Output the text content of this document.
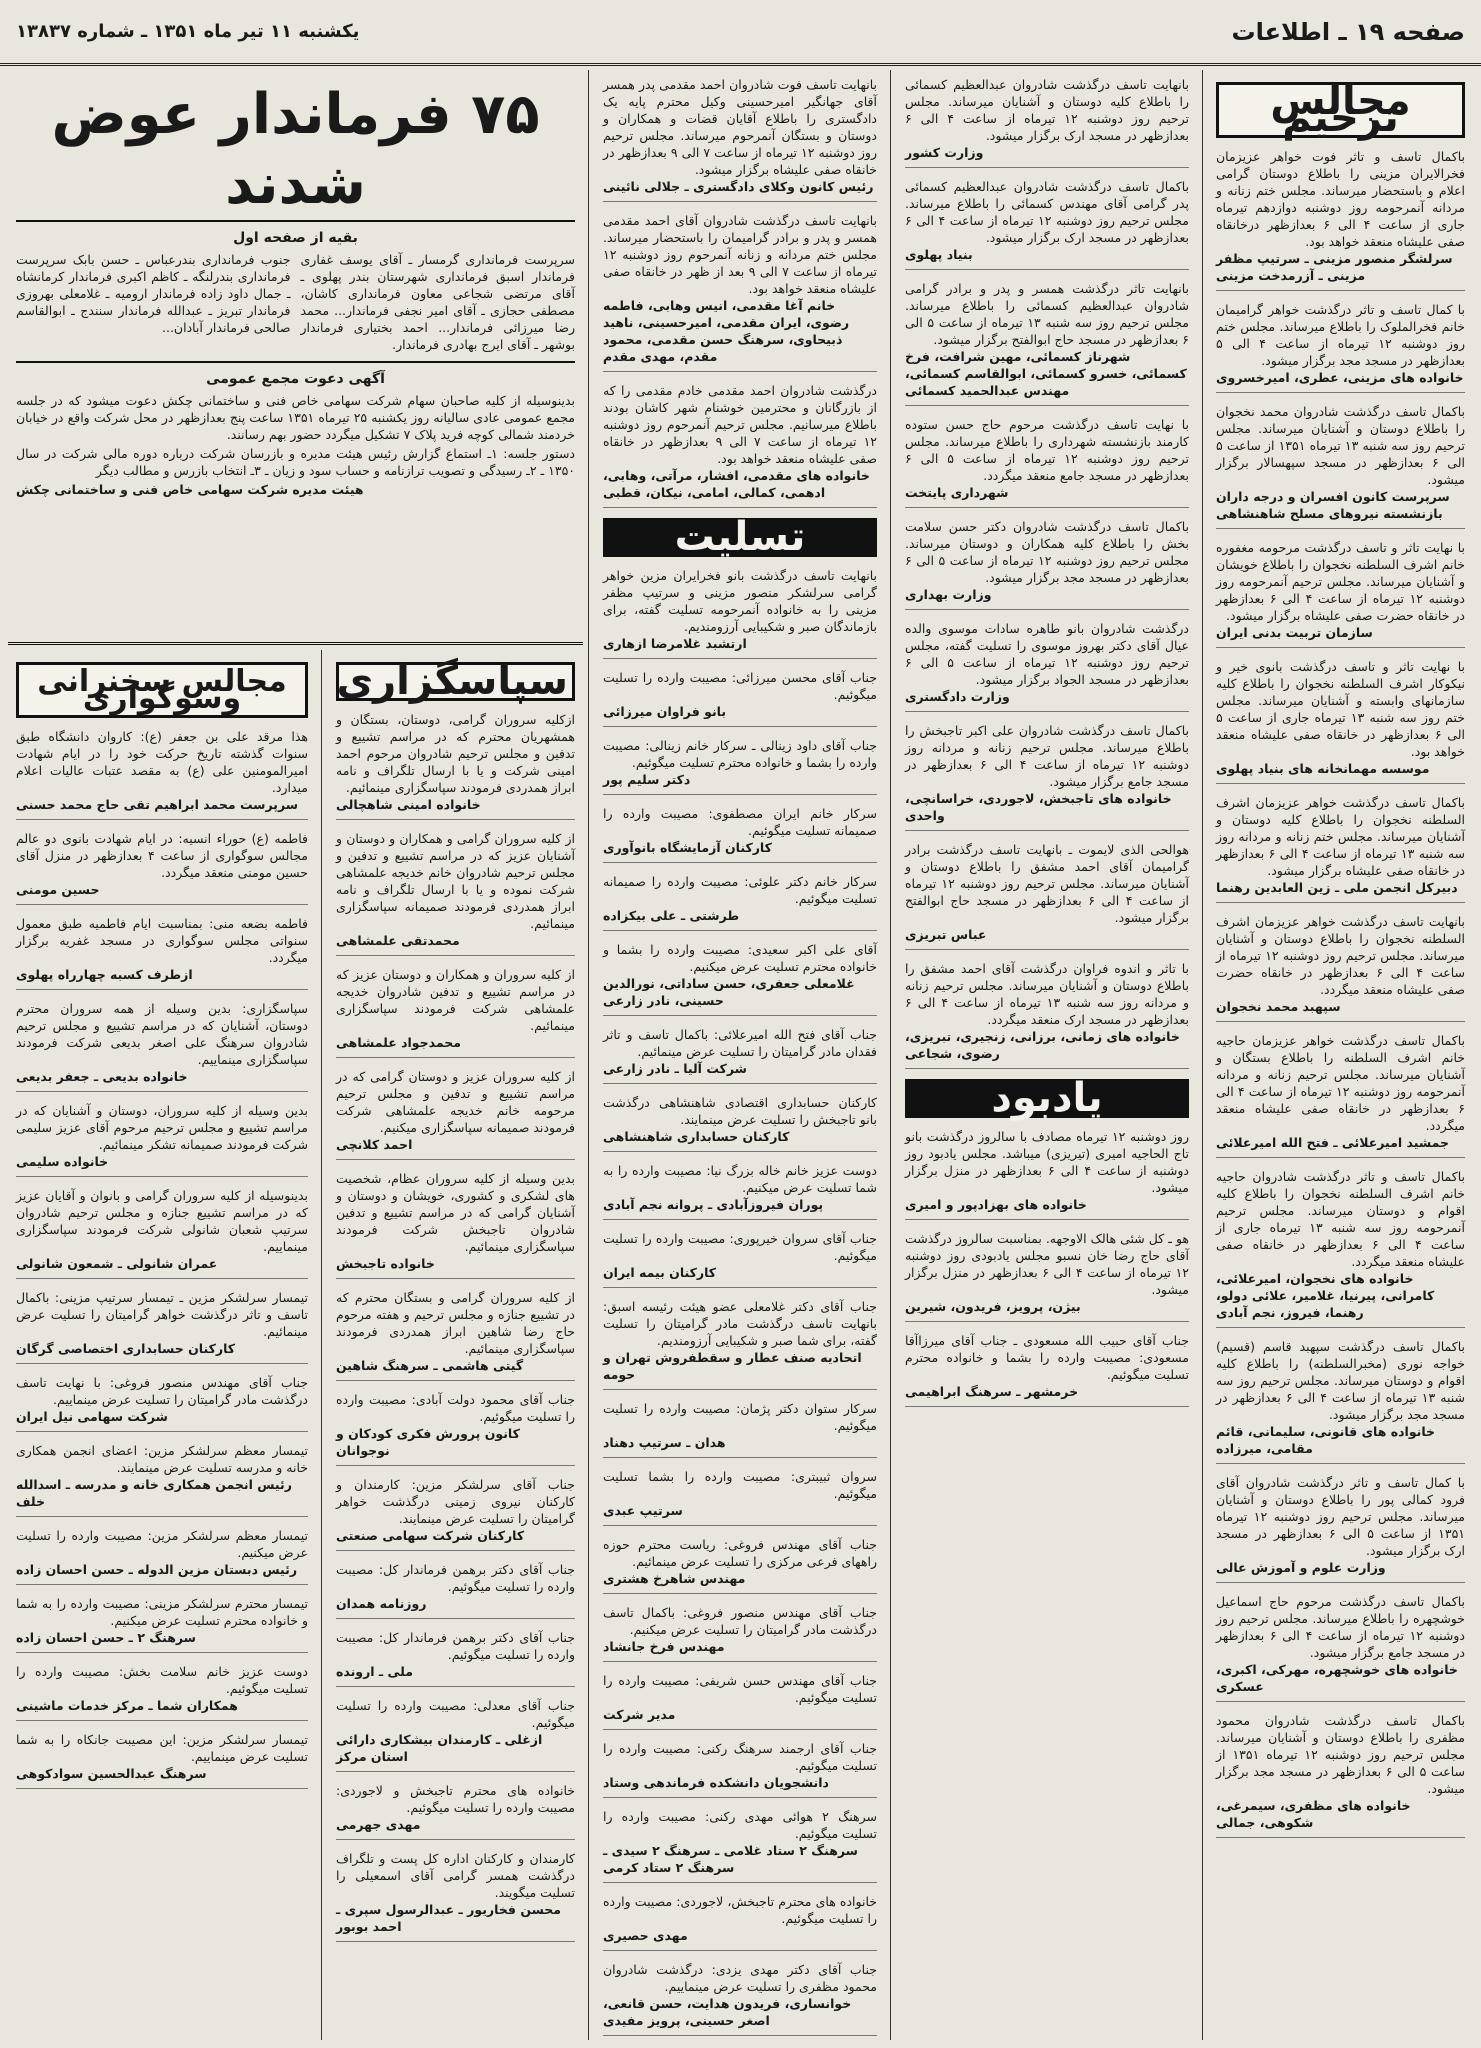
صفحه ۱۹ ـ اطلاعات
یکشنبه ۱۱ تیر ماه ۱۳۵۱ ـ شماره ۱۳۸۳۷
مجالس ترحیم
باکمال تاسف و تاثر فوت خواهر عزیزمان فخرالایران مزینی را باطلاع دوستان گرامی اعلام و باستحضار میرساند. مجلس ختم زنانه و مردانه آنمرحومه روز دوشنبه دوازدهم تیرماه جاری از ساعت ۴ الی ۶ بعدازظهر درخانقاه صفی علیشاه منعقد خواهد بود.
سرلشگر منصور مزینی ـ سرتیپ مظفر مزینی ـ آزرمدخت مزینی
با کمال تاسف و تاثر درگذشت خواهر گرامیمان خانم فخرالملوک را باطلاع میرساند. مجلس ختم روز دوشنبه ۱۲ تیرماه از ساعت ۴ الی ۵ بعدازظهر در مسجد مجد برگزار میشود.
خانواده های مزینی، عطری، امیرخسروی
باکمال تاسف درگذشت شادروان محمد نخجوان را باطلاع دوستان و آشنایان میرساند. مجلس ترحیم روز سه شنبه ۱۳ تیرماه ۱۳۵۱ از ساعت ۵ الی ۶ بعدازظهر در مسجد سپهسالار برگزار میشود.
سرپرست کانون افسران و درجه داران بازنشسته نیروهای مسلح شاهنشاهی
با نهایت تاثر و تاسف درگذشت مرحومه مغفوره خانم اشرف السلطنه نخجوان را باطلاع خویشان و آشنایان میرساند. مجلس ترحیم آنمرحومه روز دوشنبه ۱۲ تیرماه از ساعت ۴ الی ۶ بعدازظهر در خانقاه حضرت صفی علیشاه برگزار میشود.
سازمان تربیت بدنی ایران
با نهایت تاثر و تاسف درگذشت بانوی خیر و نیکوکار اشرف السلطنه نخجوان را باطلاع کلیه سازمانهای وابسته و آشنایان میرساند. مجلس ختم روز سه شنبه ۱۳ تیرماه جاری از ساعت ۵ الی ۶ بعدازظهر در خانقاه صفی علیشاه منعقد خواهد بود.
موسسه مهمانخانه های بنیاد پهلوی
باکمال تاسف درگذشت خواهر عزیزمان اشرف السلطنه نخجوان را باطلاع کلیه دوستان و آشنایان میرساند. مجلس ختم زنانه و مردانه روز سه شنبه ۱۳ تیرماه از ساعت ۴ الی ۶ بعدازظهر در خانقاه صفی علیشاه برگزار میشود.
دبیرکل انجمن ملی ـ زین العابدین رهنما
بانهایت تاسف درگذشت خواهر عزیزمان اشرف السلطنه نخجوان را باطلاع دوستان و آشنایان میرساند. مجلس ترحیم روز دوشنبه ۱۲ تیرماه از ساعت ۴ الی ۶ بعدازظهر در خانقاه حضرت صفی علیشاه منعقد میگردد.
سپهبد محمد نخجوان
باکمال تاسف درگذشت خواهر عزیزمان حاجیه خانم اشرف السلطنه را باطلاع بستگان و آشنایان میرساند. مجلس ترحیم زنانه و مردانه آنمرحومه روز دوشنبه ۱۲ تیرماه از ساعت ۴ الی ۶ بعدازظهر در خانقاه صفی علیشاه منعقد میگردد.
جمشید امیرعلائی ـ فتح الله امیرعلائی
باکمال تاسف و تاثر درگذشت شادروان حاجیه خانم اشرف السلطنه نخجوان را باطلاع کلیه اقوام و دوستان میرساند. مجلس ترحیم آنمرحومه روز سه شنبه ۱۳ تیرماه جاری از ساعت ۴ الی ۶ بعدازظهر در خانقاه صفی علیشاه منعقد میگردد.
خانواده های نخجوان، امیرعلائی، کامرانی، پیرنیا، غلامیر، علائی دولو، رهنما، فیروز، نجم آبادی
باکمال تاسف درگذشت سپهبد قاسم (قسیم) خواجه نوری (مخبرالسلطنه) را باطلاع کلیه اقوام و دوستان میرساند. مجلس ترحیم روز سه شنبه ۱۳ تیرماه از ساعت ۴ الی ۶ بعدازظهر در مسجد مجد برگزار میشود.
خانواده های قانونی، سلیمانی، قائم مقامی، میرزاده
با کمال تاسف و تاثر درگذشت شادروان آقای فرود کمالی پور را باطلاع دوستان و آشنایان میرساند. مجلس ترحیم روز دوشنبه ۱۲ تیرماه ۱۳۵۱ از ساعت ۵ الی ۶ بعدازظهر در مسجد ارک برگزار میشود.
وزارت علوم و آموزش عالی
باکمال تاسف درگذشت مرحوم حاج اسماعیل خوشچهره را باطلاع میرساند. مجلس ترحیم روز دوشنبه ۱۲ تیرماه از ساعت ۴ الی ۶ بعدازظهر در مسجد جامع برگزار میشود.
خانواده های خوشچهره، مهرکی، اکبری، عسکری
باکمال تاسف درگذشت شادروان محمود مظفری را باطلاع دوستان و آشنایان میرساند. مجلس ترحیم روز دوشنبه ۱۲ تیرماه ۱۳۵۱ از ساعت ۵ الی ۶ بعدازظهر در مسجد مجد برگزار میشود.
خانواده های مظفری، سیمرغی، شکوهی، جمالی
بانهایت تاسف درگذشت شادروان عبدالعظیم کسمائی را باطلاع کلیه دوستان و آشنایان میرساند. مجلس ترحیم روز دوشنبه ۱۲ تیرماه از ساعت ۴ الی ۶ بعدازظهر در مسجد ارک برگزار میشود.
وزارت کشور
باکمال تاسف درگذشت شادروان عبدالعظیم کسمائی پدر گرامی آقای مهندس کسمائی را باطلاع میرساند. مجلس ترحیم روز دوشنبه ۱۲ تیرماه از ساعت ۴ الی ۶ بعدازظهر در مسجد ارک برگزار میشود.
بنیاد پهلوی
بانهایت تاثر درگذشت همسر و پدر و برادر گرامی شادروان عبدالعظیم کسمائی را باطلاع میرساند. مجلس ترحیم روز سه شنبه ۱۳ تیرماه از ساعت ۵ الی ۶ بعدازظهر در مسجد حاج ابوالفتح برگزار میشود.
شهرناز کسمائی، مهین شرافت، فرخ کسمائی، خسرو کسمائی، ابوالقاسم کسمائی، مهندس عبدالحمید کسمائی
با نهایت تاسف درگذشت مرحوم حاج حسن ستوده کارمند بازنشسته شهرداری را باطلاع میرساند. مجلس ترحیم روز دوشنبه ۱۲ تیرماه از ساعت ۵ الی ۶ بعدازظهر در مسجد جامع منعقد میگردد.
شهرداری پایتخت
باکمال تاسف درگذشت شادروان دکتر حسن سلامت بخش را باطلاع کلیه همکاران و دوستان میرساند. مجلس ترحیم روز دوشنبه ۱۲ تیرماه از ساعت ۵ الی ۶ بعدازظهر در مسجد مجد برگزار میشود.
وزارت بهداری
درگذشت شادروان بانو طاهره سادات موسوی والده عیال آقای دکتر بهروز موسوی را تسلیت گفته، مجلس ترحیم روز دوشنبه ۱۲ تیرماه از ساعت ۵ الی ۶ بعدازظهر در مسجد الجواد برگزار میشود.
وزارت دادگستری
باکمال تاسف درگذشت شادروان علی اکبر تاجبخش را باطلاع میرساند. مجلس ترحیم زنانه و مردانه روز دوشنبه ۱۲ تیرماه از ساعت ۴ الی ۶ بعدازظهر در مسجد جامع برگزار میشود.
خانواده های تاجبخش، لاجوردی، خراسانچی، واحدی
هوالحی الذی لایموت ـ بانهایت تاسف درگذشت برادر گرامیمان آقای احمد مشفق را باطلاع دوستان و آشنایان میرساند. مجلس ترحیم روز دوشنبه ۱۲ تیرماه از ساعت ۴ الی ۶ بعدازظهر در مسجد حاج ابوالفتح برگزار میشود.
عباس تبریزی
با تاثر و اندوه فراوان درگذشت آقای احمد مشفق را باطلاع دوستان و آشنایان میرساند. مجلس ترحیم زنانه و مردانه روز سه شنبه ۱۳ تیرماه از ساعت ۴ الی ۶ بعدازظهر در مسجد ارک منعقد میگردد.
خانواده های زمانی، برزانی، زنجیری، تبریزی، رضوی، شجاعی
یادبود
روز دوشنبه ۱۲ تیرماه مصادف با سالروز درگذشت بانو تاج الحاجیه امیری (تیریزی) میباشد. مجلس یادبود روز دوشنبه از ساعت ۴ الی ۶ بعدازظهر در منزل برگزار میشود.
خانواده های بهزادپور و امیری
هو ـ کل شئی هالک الاوجهه. بمناسبت سالروز درگذشت آقای حاج رضا خان نسبو مجلس یادبودی روز دوشنبه ۱۲ تیرماه از ساعت ۴ الی ۶ بعدازظهر در منزل برگزار میشود.
بیژن، پرویز، فریدون، شیرین
جناب آقای حبیب الله مسعودی ـ جناب آقای میرزاآقا مسعودی: مصیبت وارده را بشما و خانواده محترم تسلیت میگوئیم.
خرمشهر ـ سرهنگ ابراهیمی
بانهایت تاسف فوت شادروان احمد مقدمی پدر همسر آقای جهانگیر امیرحسینی وکیل محترم پایه یک دادگستری را باطلاع آقایان قضات و همکاران و دوستان و بستگان آنمرحوم میرساند. مجلس ترحیم روز دوشنبه ۱۲ تیرماه از ساعت ۷ الی ۹ بعدازظهر در خانقاه صفی علیشاه برگزار میشود.
رئیس کانون وکلای دادگستری ـ جلالی نائینی
بانهایت تاسف درگذشت شادروان آقای احمد مقدمی همسر و پدر و برادر گرامیمان را باستحضار میرساند. مجلس ختم مردانه و زنانه آنمرحوم روز دوشنبه ۱۲ تیرماه از ساعت ۷ الی ۹ بعد از ظهر در خانقاه صفی علیشاه منعقد خواهد بود.
خانم آغا مقدمی، انیس وهابی، فاطمه رضوی، ایران مقدمی، امیرحسینی، ناهید ذبیحاوی، سرهنگ حسن مقدمی، محمود مقدم، مهدی مقدم
درگذشت شادروان احمد مقدمی خادم مقدمی را که از بازرگانان و محترمین خوشنام شهر کاشان بودند باطلاع میرسانیم. مجلس ترحیم آنمرحوم روز دوشنبه ۱۲ تیرماه از ساعت ۷ الی ۹ بعدازظهر در خانقاه صفی علیشاه منعقد خواهد بود.
خانواده های مقدمی، افشار، مرآتی، وهابی، ادهمی، کمالی، امامی، نیکان، قطبی
تسلیت
بانهایت تاسف درگذشت بانو فخرایران مزین خواهر گرامی سرلشکر منصور مزینی و سرتیپ مظفر مزینی را به خانواده آنمرحومه تسلیت گفته، برای بازماندگان صبر و شکیبایی آرزومندیم.
ارتشبد غلامرضا ازهاری
جناب آقای محسن میرزائی: مصیبت وارده را تسلیت میگوئیم.
بانو فراوان میرزائی
جناب آقای داود زینالی ـ سرکار خانم زینالی: مصیبت وارده را بشما و خانواده محترم تسلیت میگوئیم.
دکتر سلیم پور
سرکار خانم ایران مصطفوی: مصیبت وارده را صمیمانه تسلیت میگوئیم.
کارکنان آزمایشگاه بانوآوری
سرکار خانم دکتر علوئی: مصیبت وارده را صمیمانه تسلیت میگوئیم.
طرشتی ـ علی بیکزاده
آقای علی اکبر سعیدی: مصیبت وارده را بشما و خانواده محترم تسلیت عرض میکنیم.
غلامعلی جعفری، حسن ساداتی، نورالدین حسینی، نادر زارعی
جناب آقای فتح الله امیرعلائی: باکمال تاسف و تاثر فقدان مادر گرامیتان را تسلیت عرض مینمائیم.
شرکت آلیا ـ نادر زارعی
کارکنان حسابداری اقتصادی شاهنشاهی درگذشت بانو تاجبخش را تسلیت عرض مینمایند.
کارکنان حسابداری شاهنشاهی
دوست عزیز خانم خاله بزرگ نیا: مصیبت وارده را به شما تسلیت عرض میکنیم.
پوران فیروزآبادی ـ پروانه نجم آبادی
جناب آقای سروان خیرپوری: مصیبت وارده را تسلیت میگوئیم.
کارکنان بیمه ایران
جناب آقای دکتر غلامعلی عضو هیئت رئیسه اسبق: بانهایت تاسف درگذشت مادر گرامیتان را تسلیت گفته، برای شما صبر و شکیبایی آرزومندیم.
اتحادیه صنف عطار و سقطفروش تهران و حومه
سرکار ستوان دکتر پژمان: مصیبت وارده را تسلیت میگوئیم.
هدان ـ سرتیپ دهناد
سروان ثبیبتری: مصیبت وارده را بشما تسلیت میگوئیم.
سرتیپ عبدی
جناب آقای مهندس فروغی: ریاست محترم حوزه راههای فرعی مرکزی را تسلیت عرض مینمائیم.
مهندس شاهرخ هشتری
جناب آقای مهندس منصور فروغی: باکمال تاسف درگذشت مادر گرامیتان را تسلیت عرض میکنیم.
مهندس فرخ جانشاد
جناب آقای مهندس حسن شریفی: مصیبت وارده را تسلیت میگوئیم.
مدیر شرکت
جناب آقای ارجمند سرهنگ رکنی: مصیبت وارده را تسلیت میگوئیم.
دانشجویان دانشکده فرماندهی وستاد
سرهنگ ۲ هوائی مهدی رکنی: مصیبت وارده را تسلیت میگوئیم.
سرهنگ ۲ ستاد غلامی ـ سرهنگ ۲ سیدی ـ سرهنگ ۲ ستاد کرمی
خانواده های محترم تاجبخش، لاجوردی: مصیبت وارده را تسلیت میگوئیم.
مهدی حصیری
جناب آقای دکتر مهدی یزدی: درگذشت شادروان محمود مظفری را تسلیت عرض مینماییم.
خوانساری، فریدون هدایت، حسن قانعی، اصغر حسینی، پرویز مفیدی
سپاسگزاری
ازکلیه سروران گرامی، دوستان، بستگان و همشهریان محترم که در مراسم تشییع و تدفین و مجلس ترحیم شادروان مرحوم احمد امینی شرکت و یا با ارسال تلگراف و نامه ابراز همدردی فرمودند سپاسگزاری مینمائیم.
خانواده امینی شاهچالی
از کلیه سروران گرامی و همکاران و دوستان و آشنایان عزیز که در مراسم تشییع و تدفین و مجلس ترحیم شادروان خانم خدیجه علمشاهی شرکت نموده و یا با ارسال تلگراف و نامه ابراز همدردی فرمودند صمیمانه سپاسگزاری مینمائیم.
محمدتقی علمشاهی
از کلیه سروران و همکاران و دوستان عزیز که در مراسم تشییع و تدفین شادروان خدیجه علمشاهی شرکت فرمودند سپاسگزاری مینمائیم.
محمدجواد علمشاهی
از کلیه سروران عزیز و دوستان گرامی که در مراسم تشییع و تدفین و مجلس ترحیم مرحومه خانم خدیجه علمشاهی شرکت فرمودند صمیمانه سپاسگزاری میکنیم.
احمد کلانچی
بدین وسیله از کلیه سروران عظام، شخصیت های لشکری و کشوری، خویشان و دوستان و آشنایان گرامی که در مراسم تشییع و تدفین شادروان تاجبخش شرکت فرمودند سپاسگزاری مینمائیم.
خانواده تاجبخش
از کلیه سروران گرامی و بستگان محترم که در تشییع جنازه و مجلس ترحیم و هفته مرحوم حاج رضا شاهین ابراز همدردی فرمودند سپاسگزاری مینمائیم.
گیتی هاشمی ـ سرهنگ شاهین
جناب آقای محمود دولت آبادی: مصیبت وارده را تسلیت میگوئیم.
کانون پرورش فکری کودکان و نوجوانان
جناب آقای سرلشکر مزین: کارمندان و کارکنان نیروی زمینی درگذشت خواهر گرامیتان را تسلیت عرض مینمایند.
کارکنان شرکت سهامی صنعتی
جناب آقای دکتر برهمن فرماندار کل: مصیبت وارده را تسلیت میگوئیم.
روزنامه همدان
جناب آقای دکتر برهمن فرماندار کل: مصیبت وارده را تسلیت میگوئیم.
ملی ـ ارونده
جناب آقای معدلی: مصیبت وارده را تسلیت میگوئیم.
ازغلی ـ کارمندان بیشکاری دارائی استان مرکز
خانواده های محترم تاجبخش و لاجوردی: مصیبت وارده را تسلیت میگوئیم.
مهدی جهرمی
کارمندان و کارکنان اداره کل پست و تلگراف درگذشت همسر گرامی آقای اسمعیلی را تسلیت میگویند.
محسن فخاریور ـ عبدالرسول سپری ـ احمد بوبور
مجالس سخنرانی وسوگواری
هذا مرقد علی بن جعفر (ع): کاروان دانشگاه طبق سنوات گذشته تاریخ حرکت خود را در ایام شهادت امیرالمومنین علی (ع) به مقصد عتبات عالیات اعلام میدارد.
سرپرست محمد ابراهیم تقی حاج محمد حسنی
فاطمه (ع) حوراء انسیه: در ایام شهادت بانوی دو عالم مجالس سوگواری از ساعت ۴ بعدازظهر در منزل آقای حسین مومنی منعقد میگردد.
حسین مومنی
فاطمه بضعه منی: بمناسبت ایام فاطمیه طبق معمول سنواتی مجلس سوگواری در مسجد غفریه برگزار میگردد.
ازطرف کسبه چهارراه پهلوی
سپاسگزاری: بدین وسیله از همه سروران محترم دوستان، آشنایان که در مراسم تشییع و مجلس ترحیم شادروان سرهنگ علی اصغر بدیعی شرکت فرمودند سپاسگزاری مینماییم.
خانواده بدیعی ـ جعفر بدیعی
بدین وسیله از کلیه سروران، دوستان و آشنایان که در مراسم تشییع و مجلس ترحیم مرحوم آقای عزیز سلیمی شرکت فرمودند صمیمانه تشکر مینمائیم.
خانواده سلیمی
بدینوسیله از کلیه سروران گرامی و بانوان و آقایان عزیز که در مراسم تشییع جنازه و مجلس ترحیم شادروان سرتیپ شعبان شانولی شرکت فرمودند سپاسگزاری مینماییم.
عمران شانولی ـ شمعون شانولی
تیمسار سرلشکر مزین ـ تیمسار سرتیپ مزینی: باکمال تاسف و تاثر درگذشت خواهر گرامیتان را تسلیت عرض مینمائیم.
کارکنان حسابداری اختصاصی گرگان
جناب آقای مهندس منصور فروغی: با نهایت تاسف درگذشت مادر گرامیتان را تسلیت عرض مینماییم.
شرکت سهامی نیل ایران
تیمسار معظم سرلشکر مزین: اعضای انجمن همکاری خانه و مدرسه تسلیت عرض مینمایند.
رئیس انجمن همکاری خانه و مدرسه ـ اسدالله خلف
تیمسار معظم سرلشکر مزین: مصیبت وارده را تسلیت عرض میکنیم.
رئیس دبستان مزین الدوله ـ حسن احسان زاده
تیمسار محترم سرلشکر مزینی: مصیبت وارده را به شما و خانواده محترم تسلیت عرض میکنیم.
سرهنگ ۲ ـ حسن احسان زاده
دوست عزیز خانم سلامت بخش: مصیبت وارده را تسلیت میگوئیم.
همکاران شما ـ مرکز خدمات ماشینی
تیمسار سرلشکر مزین: این مصیبت جانکاه را به شما تسلیت عرض مینماییم.
سرهنگ عبدالحسین سوادکوهی
۷۵ فرماندار عوض شدند
بقیه از صفحه اول

سرپرست فرمانداری گرمسار ـ آقای یوسف غفاری فرماندار اسبق فرمانداری شهرستان بندر پهلوی ـ آقای مرتضی شجاعی معاون فرمانداری کاشان، مصطفی حجازی ـ آقای امیر نجفی فرماندار... محمد رضا میرزائی فرماندار... احمد بختیاری فرماندار بوشهر ـ آقای ایرج بهادری فرماندار.

جنوب فرمانداری بندرعباس ـ حسن بابک سرپرست فرمانداری بندرلنگه ـ کاظم اکبری فرماندار کرمانشاه ـ جمال داود زاده فرماندار ارومیه ـ غلامعلی بهروزی فرماندار تبریز ـ عبدالله فرماندار سنندج ـ ابوالقاسم صالحی فرماندار آبادان...

آگهی دعوت مجمع عمومی

بدینوسیله از کلیه صاحبان سهام شرکت سهامی خاص فنی و ساختمانی چکش دعوت میشود که در جلسه مجمع عمومی عادی سالیانه روز یکشنبه ۲۵ تیرماه ۱۳۵۱ ساعت پنج بعدازظهر در محل شرکت واقع در خیابان خردمند شمالی کوچه فرید پلاک ۷ تشکیل میگردد حضور بهم رسانند.

دستور جلسه: ۱ـ استماع گزارش رئیس هیئت مدیره و بازرسان شرکت درباره دوره مالی شرکت در سال ۱۳۵۰ ـ ۲ـ رسیدگی و تصویب ترازنامه و حساب سود و زیان ـ ۳ـ انتخاب بازرس و مطالب دیگر

هیئت مدیره شرکت سهامی خاص فنی و ساختمانی چکش
